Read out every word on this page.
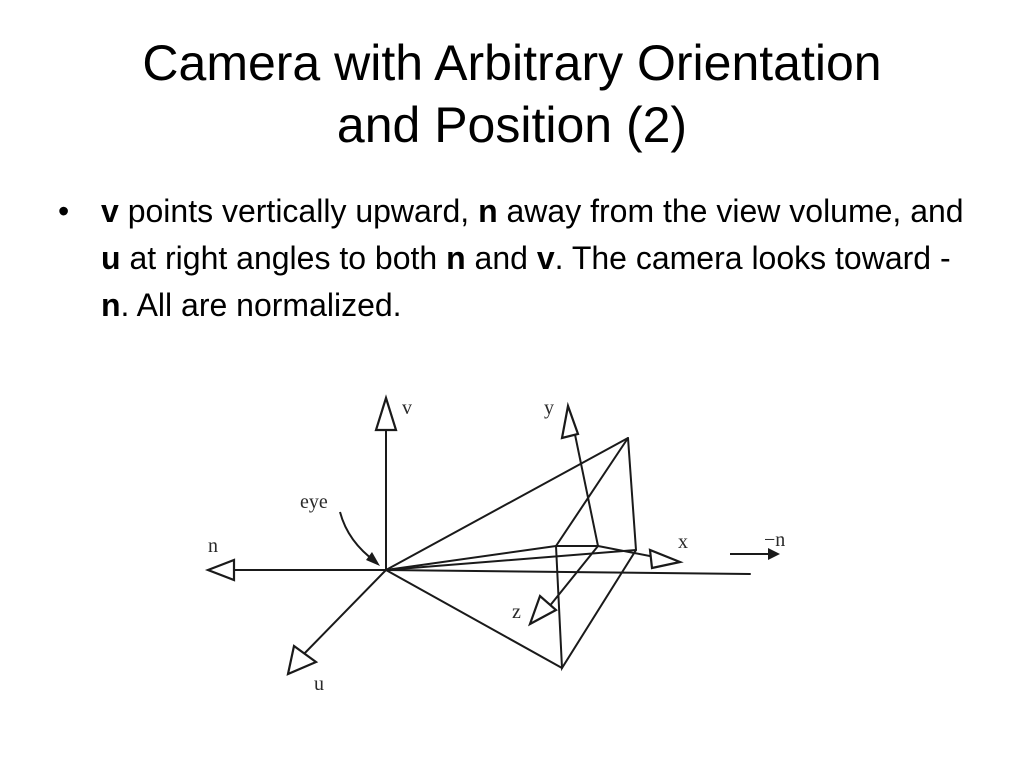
Camera with Arbitrary Orientation
and Position (2)
• v points vertically upward, n away from the view volume, and u at right angles to both n and v. The camera looks toward -n. All are normalized.
v	y
eye
n	x	−n
z
u
